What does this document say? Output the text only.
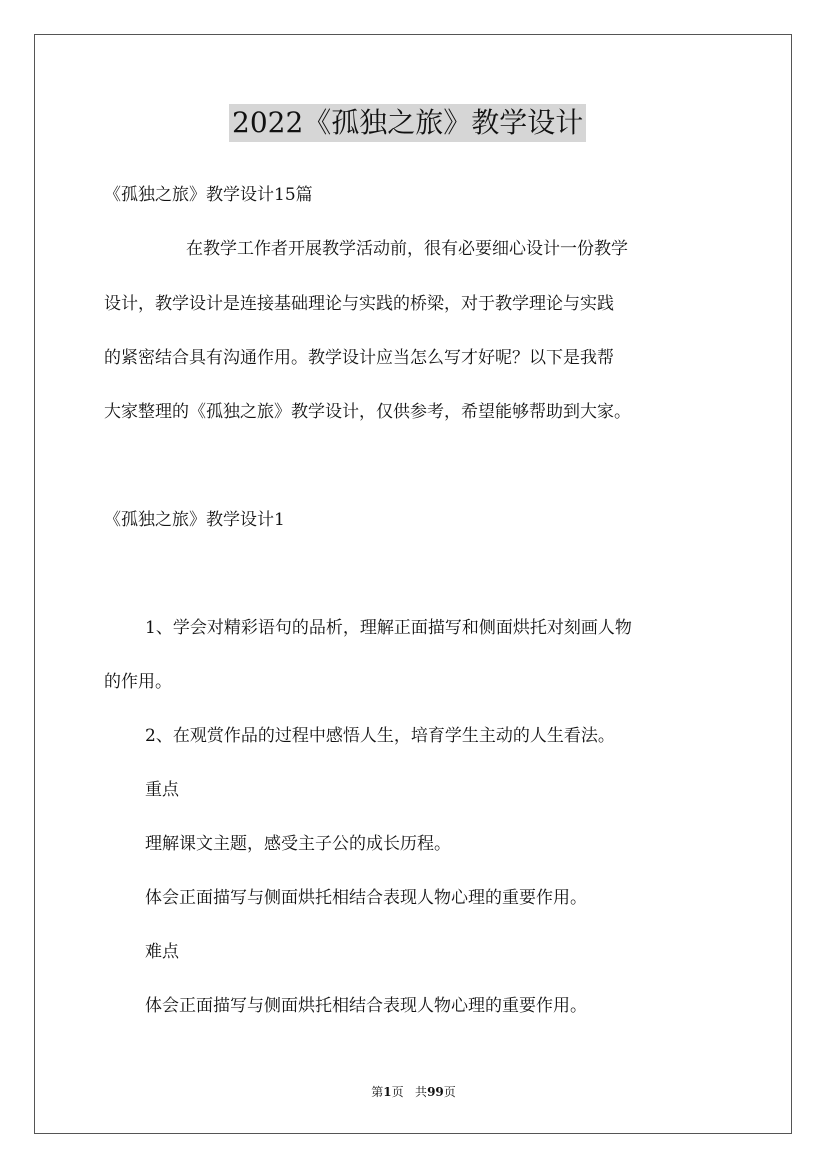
2022《孤独之旅》教学设计
《孤独之旅》教学设计15篇
在教学工作者开展教学活动前，很有必要细心设计一份教学
设计，教学设计是连接基础理论与实践的桥梁，对于教学理论与实践
的紧密结合具有沟通作用。教学设计应当怎么写才好呢？以下是我帮
大家整理的《孤独之旅》教学设计，仅供参考，希望能够帮助到大家。
《孤独之旅》教学设计1
1、学会对精彩语句的品析，理解正面描写和侧面烘托对刻画人物
的作用。
2、在观赏作品的过程中感悟人生，培育学生主动的人生看法。
重点
理解课文主题，感受主子公的成长历程。
体会正面描写与侧面烘托相结合表现人物心理的重要作用。
难点
体会正面描写与侧面烘托相结合表现人物心理的重要作用。
第1页 共99页
